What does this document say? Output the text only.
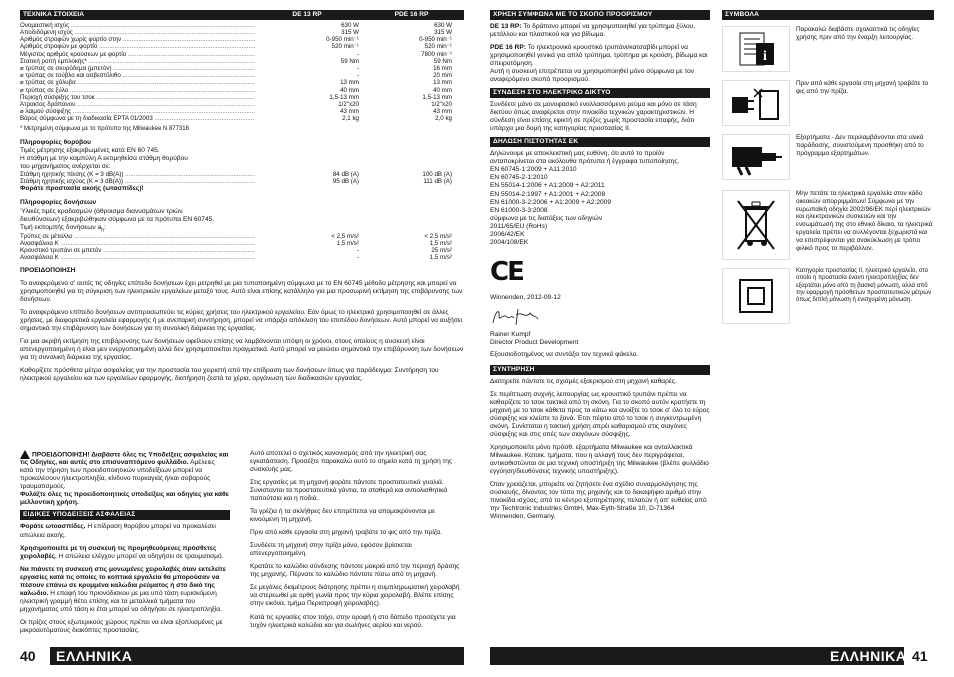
ΤΕΧΝΙΚΑ ΣΤΟΙΧΕΙΑ	DE 13 RP	PDE 16 RP
Ονομαστική ισχύς .....	630 W	630 W
Αποδιδόμενη ισχύς .....	315 W	315 W
Αριθμός στροφών χωρίς φορτίο στην .....	0-950 min⁻¹	0-950 min⁻¹
Αριθμός στροφών με φορτίο .....	520 min⁻¹	520 min⁻¹
Μέγιστος αριθμός κρούσεων με φορτίο .....	-	7800 min⁻¹
Στατική ροπή εμπλοκής* .....	59 Nm	59 Nm
⌀ τρύπας σε σκυρόδεμα (μπετόν) .....	-	16 mm
⌀ τρύπας σε τούβλο και ασβεστόλιθο .....	-	20 mm
⌀ τρύπας σε χάλυβα .....	13 mm	13 mm
⌀ τρύπας σε ξύλο .....	40 mm	40 mm
Περιοχή σύσφιξης του τσοκ .....	1,5-13 mm	1,5-13 mm
Άτρακτος δράπανου .....	1/2"x20	1/2"x20
⌀ λαιμού σύσφιξης .....	43 mm	43 mm
Βάρος σύμφωνα με τη διαδικασία EPTA 01/2003 .....	2,1 kg	2,0 kg
* Μετρημένη σύμφωνα με το πρότυπο της Milwaukee N 877318
Πληροφορίες θορύβου
Τιμές μέτρησης εξακριβωμένες κατά EN 60 745.
Η στάθμη με την καμπύλη Α εκτιμηθείσα στάθμη θορύβου
του μηχανήματος ανέρχεται σε:
Στάθμη ηχητικής πίεσης (K = 3 dB(A)) .....	84 dB (A)	100 dB (A)
Στάθμη ηχητικής ισχύος (K = 3 dB(A)) .....	95 dB (A)	111 dB (A)
Φοράτε προστασία ακοής (ωτασπίδες)!
Πληροφορίες δονήσεων
Ύλικές τιμές κραδασμών (άθροισμα διανυσμάτων τριών
διευθύνσεων) εξακριβώθηκαν σύμφωνα με τα πρότυπα EN 60745.
Τιμή εκπομπής δονήσεων $a_h$:
Τρύπες σε μέταλλο .....	< 2,5 m/s²	< 2,5 m/s²
Ανασφάλεια K .....	1,5 m/s²	1,5 m/s²
Κρουστικό τρυπάνι σε μπετόν .....	-	25 m/s²
Ανασφάλεια K .....	-	1,5 m/s²
ΠΡΟΕΙΔΟΠΟΙΗΣΗ

Το αναφερόμενο σ' αυτές τις οδηγίες επίπεδο δονήσεων έχει μετρηθεί με μια τυποποιημένη σύμφωνα με το EN 60745 μέθοδο μέτρησης και μπορεί να χρησιμοποιηθεί για τη σύγκριση των ηλεκτρικών εργαλείων μεταξύ τους. Αυτό είναι επίσης κατάλληλο για μια προσωρινή εκτίμηση της επιβάρυνσης των δονήσεων.

Το αναφερόμενο επίπεδο δονήσεων αντιπροσωπεύει τις κύριες χρήσεις του ηλεκτρικού εργαλείου. Εάν όμως το ηλεκτρικό χρησιμοποιηθεί σε άλλες χρήσεις, με διαφορετικά εργαλεία εφαρμογής ή με ανεπαρκή συντήρηση, μπορεί να υπάρξει απόκλιση του επιπέδου δονήσεων. Αυτό μπορεί να αυξήσει σημαντικά την επιβάρυνση των δονήσεων για τη συνολική διάρκεια της εργασίας.

Για μια ακριβή εκτίμηση της επιβάρυνσης των δονήσεων οφείλουν επίσης να λαμβάνονται υπόψη οι χρόνοι, στους οποίους η συσκευή είναι απενεργοποιημένη ή είναι μεν ενεργοποιημένη αλλά δεν χρησιμοποιείται πραγματικά. Αυτό μπορεί να μειώσει σημαντικά την επιβάρυνση των δονήσεων για τη συνολική διάρκεια της εργασίας.

Καθορίζετε πρόσθετα μέτρα ασφαλείας για την προστασία του χειριστή από την επίδραση των δονήσεων όπως για παράδειγμα: Συντήρηση του ηλεκτρικού εργαλείου και των εργαλείων εφαρμογής, διατήρηση ζεστά τα χέρια, οργάνωση των διαδικασιών εργασίας.

ΠΡΟΕΙΔΟΠΟΙΗΣΗ! Διαβάστε όλες τις Υποδείξεις ασφαλείας και τις Οδηγίες, και αυτές στο επισυναπτόμενο φυλλάδιο. Αμέλειες κατά την τήρηση των προειδοποιητικών υποδείξεων μπορεί να προκαλέσουν ηλεκτροπληξία, κίνδυνο πυρκαγιάς ή/και σοβαρούς τραυματισμούς.

Φυλάξτε όλες τις προειδοποιητικές υποδείξεις και οδηγίες για κάθε μελλοντική χρήση.

ΕΙΔΙΚΕΣ ΥΠΟΔΕΙΞΕΙΣ ΑΣΦΑΛΕΙΑΣ

Φοράτε ωτοασπίδες. Η επίδραση θορύβου μπορεί να προκαλέσει απώλεια ακοής.

Χρησιμοποιείτε με τη συσκευή τις προμηθευόμενες πρόσθετες χειρολαβές. Η απώλεια ελέγχου μπορεί να οδηγήσει σε τραυματισμό.

Να πιάνετε τη συσκευή στις μονωμένες χειρολαβές όταν εκτελείτε εργασίες κατά τις οποίες το κοπτικά εργαλεία θα μπορούσαν να πέσουν επάνω σε κρυμμένα καλώδια ρεύματος ή στο δικό της καλώδιο. Η επαφή του πριονόδισκου με μια υπό τάση ευρισκόμενη ηλεκτρική γραμμή θέτει επίσης και τα μεταλλικά τμήματα του μηχανήματος υπό τάση κι έτσι μπορεί να οδηγήσει σε ηλεκτροπληξία.

Οι πρίζες στους εξωτερικούς χώρους πρέπει να είναι εξοπλισμένες με μικροαυτόματους διακόπτες προστασίας.

Αυτό αποτελεί ο σχετικός κανονισμός από την ηλεκτρική σας εγκατάσταση. Προσέξτε παρακαλώ αυτό το σημείο κατά τη χρήση της συσκευής μας.

Στις εργασίες με τη μηχανή φοράτε πάντοτε προστατευτικά γυαλιά. Συνιστανται τα προστατευτικά γάντια, τα σταθερά και αντιολισθητικά παπούτσια και η ποδιά.

Τα γρέζια ή τα σκλήθρες δεν επιτρέπεται να απομακρύνονται με κινούμενη τη μηχανή.

Πριν από κάθε εργασία στη μηχανή τραβάτε το φις από την πρίζα.

Συνδέετε τη μηχανή στην πρίζα μόνο, εφόσον βρίσκεται απενεργοποιημένη.

Κρατάτε το καλώδιο σύνδεσης πάντοτε μακριά από την περιοχή δράσης της μηχανής. Πέρνατε το καλώδιο πάντοτε πίσω από τη μηχανή.

Σε μεγάλες διαμέτρους διάτρησης πρέπει η συμπληρωματική χειρολαβή να στερεωθεί με ορθή γωνία προς την κύρια χειρολαβή. Βλέπε επίσης στην εικόνα, τμήμα Περιστροφή χειρολαβής).

Κατά τις εργασίες στον τοίχο, στην οροφή ή στο δάπεδο προσέχετε για τυχόν ηλεκτρικά καλώδια και για σωλήνες αερίου και νερού.

40 ΕΛΛΗΝΙΚΑ
ΧΡΗΣΗ ΣΥΜΦΩΝΑ ΜΕ ΤΟ ΣΚΟΠΟ ΠΡΟΟΡΙΣΜΟΥ

DE 13 RP: Το δράπανο μπορεί να χρησιμοποιηθεί για τρύπημα ξύλου, μετάλλου και πλαστικού και για βίδωμα.

PDE 16 RP: Το ηλεκτρονικό κρουστικό τρυπάνι/κατσαβίδι μπορεί να χρησιμοποιηθεί γενικά για απλό τρύπημα, τρύπημα με κρούση, βίδωμα και σπειροτόμηση.

Αυτή η συσκευή επιτρέπεται να χρησιμοποιηθεί μόνο σύμφωνα με τον αναφερόμενο σκοπό προορισμού.

ΣΥΝΔΕΣΗ ΣΤΟ ΗΛΕΚΤΡΙΚΟ ΔΙΚΤΥΟ

Συνδέετε μόνο σε μονοφασικό εναλλασσόμενο ρεύμα και μόνο σε τάση δικτύου όπως αναφέρεται στην πινακίδα τεχνικών χαρακτηριστικών. Η σύνδεση είναι επίσης εφικτή σε πρίζες χωρίς προστασία επαφής, διότι υπάρχει μια δομή της κατηγορίας προστασίας II.

ΔΗΛΩΣΗ ΠΙΣΤΟΤΗΤΑΣ ΕΚ

Δηλώνουμε με αποκλειστική μας ευθύνη, ότι αυτό το προϊόν ανταποκρίνεται στα ακόλουθα πρότυπα ή έγγραφα τυποποίησης.

EN 60745-1:2009 + A11:2010
EN 60745-2-1:2010
EN 55014-1:2006 + A1:2009 + A2:2011
EN 55014-2:1997 + A1:2001 + A2:2008
EN 61000-3-2:2006 + A1:2009 + A2:2009
EN 61000-3-3:2008
σύμφωνα με τις διατάξεις των οδηγιών
2011/65/EU (RoHs)
2006/42/EK
2004/108/EK
CE
Winnenden, 2012-09-12
Rainer Kumpf
Director Product Development
Εξουσιοδοτημένος να συντάξει τον τεχνικό φάκελο.
ΣΥΝΤΗΡΗΣΗ

Διατηρείτε πάντοτε τις σχισμές εξαερισμού στη μηχανή καθαρές.

Σε περίπτωση συχνής λειτουργίας ως κρουστικό τρυπάνι πρέπει να καθαρίζετε το τσοκ τακτικά από τη σκόνη. Για το σκοπό αυτόν κρατήστε τη μηχανή με το τσοκ κάθετα προς τα κάτω και ανοίξτε το τσοκ σ' όλο το εύρος σύσφιξης και κλείστε το ξανά. Έτσι πέφτει από το τσοκ η συγκεντρωμένη σκόνη. Συνίσταται η τακτική χρήση σπρέι καθαρισμού στις σιαγόνες σύσφιξης και στις οπές των σιαγόνων σύσφιξης.

Χρησιμοποιείτε μόνο πρόσθ. εξαρτήματα Milwaukee και ανταλλακτικά Milwaukee. Κατοικ. τμήματα, που η αλλαγή τους δεν περιγράφεται, αντικαθιστώνται σε μια τεχνική υποστήριξη της Milwaukee (βλέπε φυλλάδιο εγγύηση/διευθύνσεις τεχνικής υποστήριξης).

Όταν χρειάζεται, μπορείτε να ζητήσετε ένα σχέδιο συναρμολόγησης της συσκευής, δίνοντας τον τύπο της μηχανής και το δεκαψήφιο αριθμό στην πινακίδα ισχύος, από το κέντρο εξυπηρέτησης πελατών ή απ' ευθείας από την Techtronic Industries GmbH, Max-Eyth-Straße 10, D-71364 Winnenden, Germany.

ΣΥΜΒΟΛΑ
i
Παρακαλώ διαβάστε σχολαστικά τις οδηγίες χρήσης πριν από την έναρξη λειτουργίας.
Πριν από κάθε εργασία στη μηχανή τραβάτε το φις από την πρίζα.
Εξαρτήματα - Δεν περιλαμβάνονται στα υλικά παράδοσης, συνιστούμενη προσθήκη από το πρόγραμμα εξαρτημάτων.
Μην πετάτε τα ηλεκτρικά εργαλεία στον κάδο οικιακών απορριμμάτων! Σύμφωνα με την ευρωπαϊκή οδηγία 2002/96/ΕΚ περί ηλεκτρικών και ηλεκτρονικών συσκευών και την ενσωμάτωσή της στο εθνικό δίκαιο, τα ηλεκτρικά εργαλεία πρέπει να συλλέγονται ξεχωριστά και να επιστρέφονται για ανακύκλωση με τρόπο φιλικό προς το περιβάλλον.
Κατηγορία προστασίας II, ηλεκτρικό εργαλείο, στο οποίο η προστασία έναντι ηλεκτροπληξίας δεν εξαρτάται μόνο από τη βασική μόνωση, αλλά από την εφαρμογή πρόσθετων προστατευτικών μέτρων όπως διπλή μόνωση ή ενισχυμένη μόνωση.
ΕΛΛΗΝΙΚΑ 41
